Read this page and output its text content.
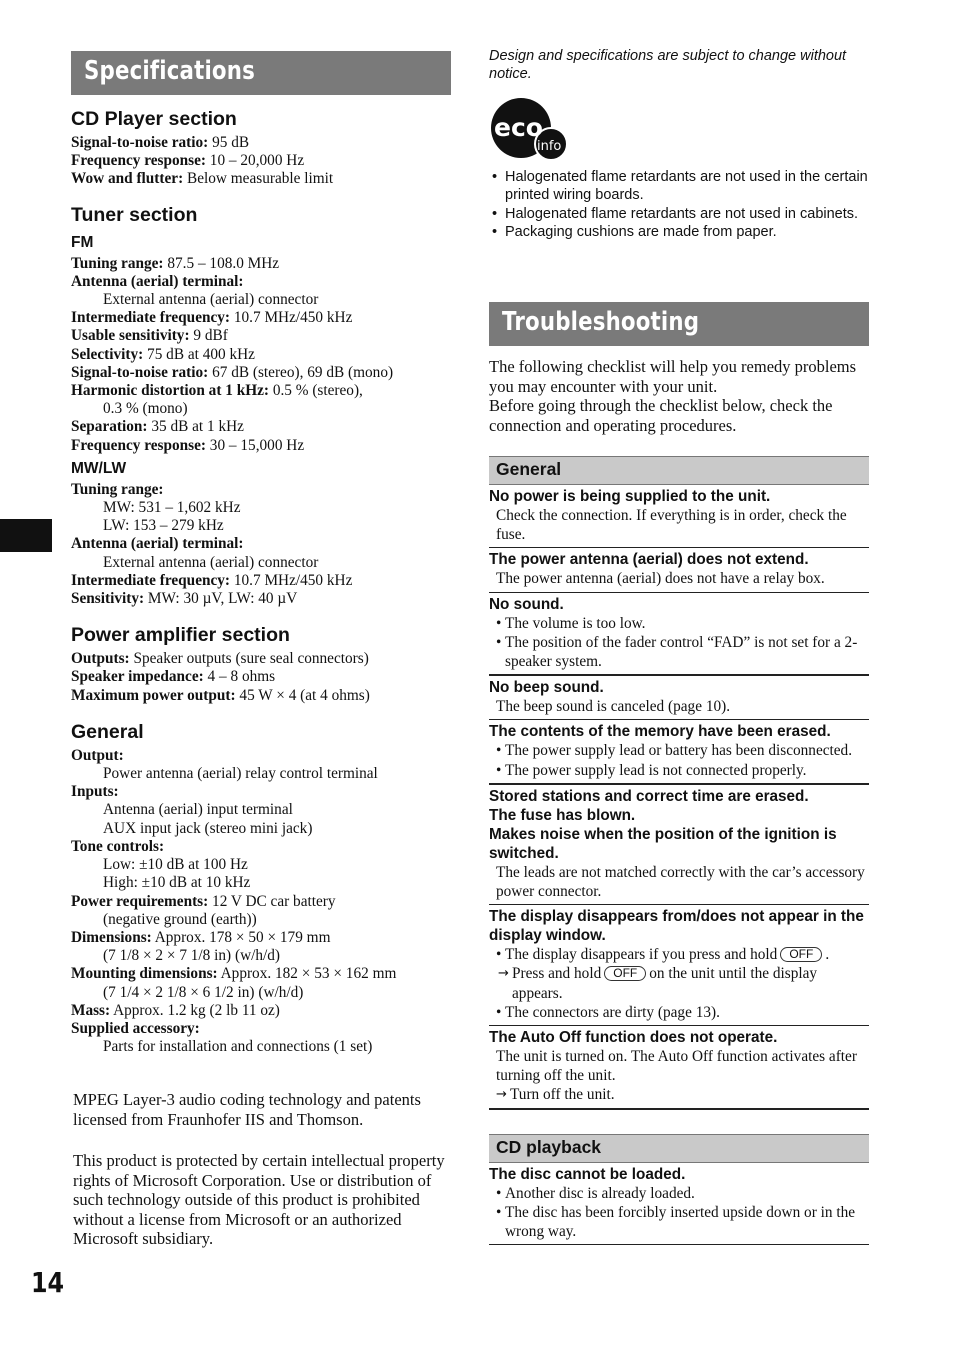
Specifications
CD Player section
Signal-to-noise ratio: 95 dB
Frequency response: 10 – 20,000 Hz
Wow and flutter: Below measurable limit
Tuner section
FM
Tuning range: 87.5 – 108.0 MHz
Antenna (aerial) terminal:
External antenna (aerial) connector
Intermediate frequency: 10.7 MHz/450 kHz
Usable sensitivity: 9 dBf
Selectivity: 75 dB at 400 kHz
Signal-to-noise ratio: 67 dB (stereo), 69 dB (mono)
Harmonic distortion at 1 kHz: 0.5 % (stereo),
0.3 % (mono)
Separation: 35 dB at 1 kHz
Frequency response: 30 – 15,000 Hz
MW/LW
Tuning range:
MW: 531 – 1,602 kHz
LW: 153 – 279 kHz
Antenna (aerial) terminal:
External antenna (aerial) connector
Intermediate frequency: 10.7 MHz/450 kHz
Sensitivity: MW: 30 µV, LW: 40 µV
Power amplifier section
Outputs: Speaker outputs (sure seal connectors)
Speaker impedance: 4 – 8 ohms
Maximum power output: 45 W × 4 (at 4 ohms)
General
Output:
Power antenna (aerial) relay control terminal
Inputs:
Antenna (aerial) input terminal
AUX input jack (stereo mini jack)
Tone controls:
Low: ±10 dB at 100 Hz
High: ±10 dB at 10 kHz
Power requirements: 12 V DC car battery
(negative ground (earth))
Dimensions: Approx. 178 × 50 × 179 mm
(7 1/8 × 2 × 7 1/8 in) (w/h/d)
Mounting dimensions: Approx. 182 × 53 × 162 mm
(7 1/4 × 2 1/8 × 6 1/2 in) (w/h/d)
Mass: Approx. 1.2 kg (2 lb 11 oz)
Supplied accessory:
Parts for installation and connections (1 set)
MPEG Layer-3 audio coding technology and patents licensed from Fraunhofer IIS and Thomson.
This product is protected by certain intellectual property rights of Microsoft Corporation. Use or distribution of such technology outside of this product is prohibited without a license from Microsoft or an authorized Microsoft subsidiary.
14
Design and specifications are subject to change without notice.
eco
info
• Halogenated flame retardants are not used in the certain printed wiring boards.
• Halogenated flame retardants are not used in cabinets.
• Packaging cushions are made from paper.
Troubleshooting
The following checklist will help you remedy problems you may encounter with your unit.
Before going through the checklist below, check the connection and operating procedures.
General
No power is being supplied to the unit.
Check the connection. If everything is in order, check the fuse.
The power antenna (aerial) does not extend.
The power antenna (aerial) does not have a relay box.
No sound.
• The volume is too low.
• The position of the fader control “FAD” is not set for a 2-speaker system.
No beep sound.
The beep sound is canceled (page 10).
The contents of the memory have been erased.
• The power supply lead or battery has been disconnected.
• The power supply lead is not connected properly.
Stored stations and correct time are erased.
The fuse has blown.
Makes noise when the position of the ignition is switched.
The leads are not matched correctly with the car’s accessory power connector.
The display disappears from/does not appear in the display window.
• The display disappears if you press and hold OFF .
→ Press and hold OFF on the unit until the display appears.
• The connectors are dirty (page 13).
The Auto Off function does not operate.
The unit is turned on. The Auto Off function activates after turning off the unit.
→ Turn off the unit.
CD playback
The disc cannot be loaded.
• Another disc is already loaded.
• The disc has been forcibly inserted upside down or in the wrong way.
